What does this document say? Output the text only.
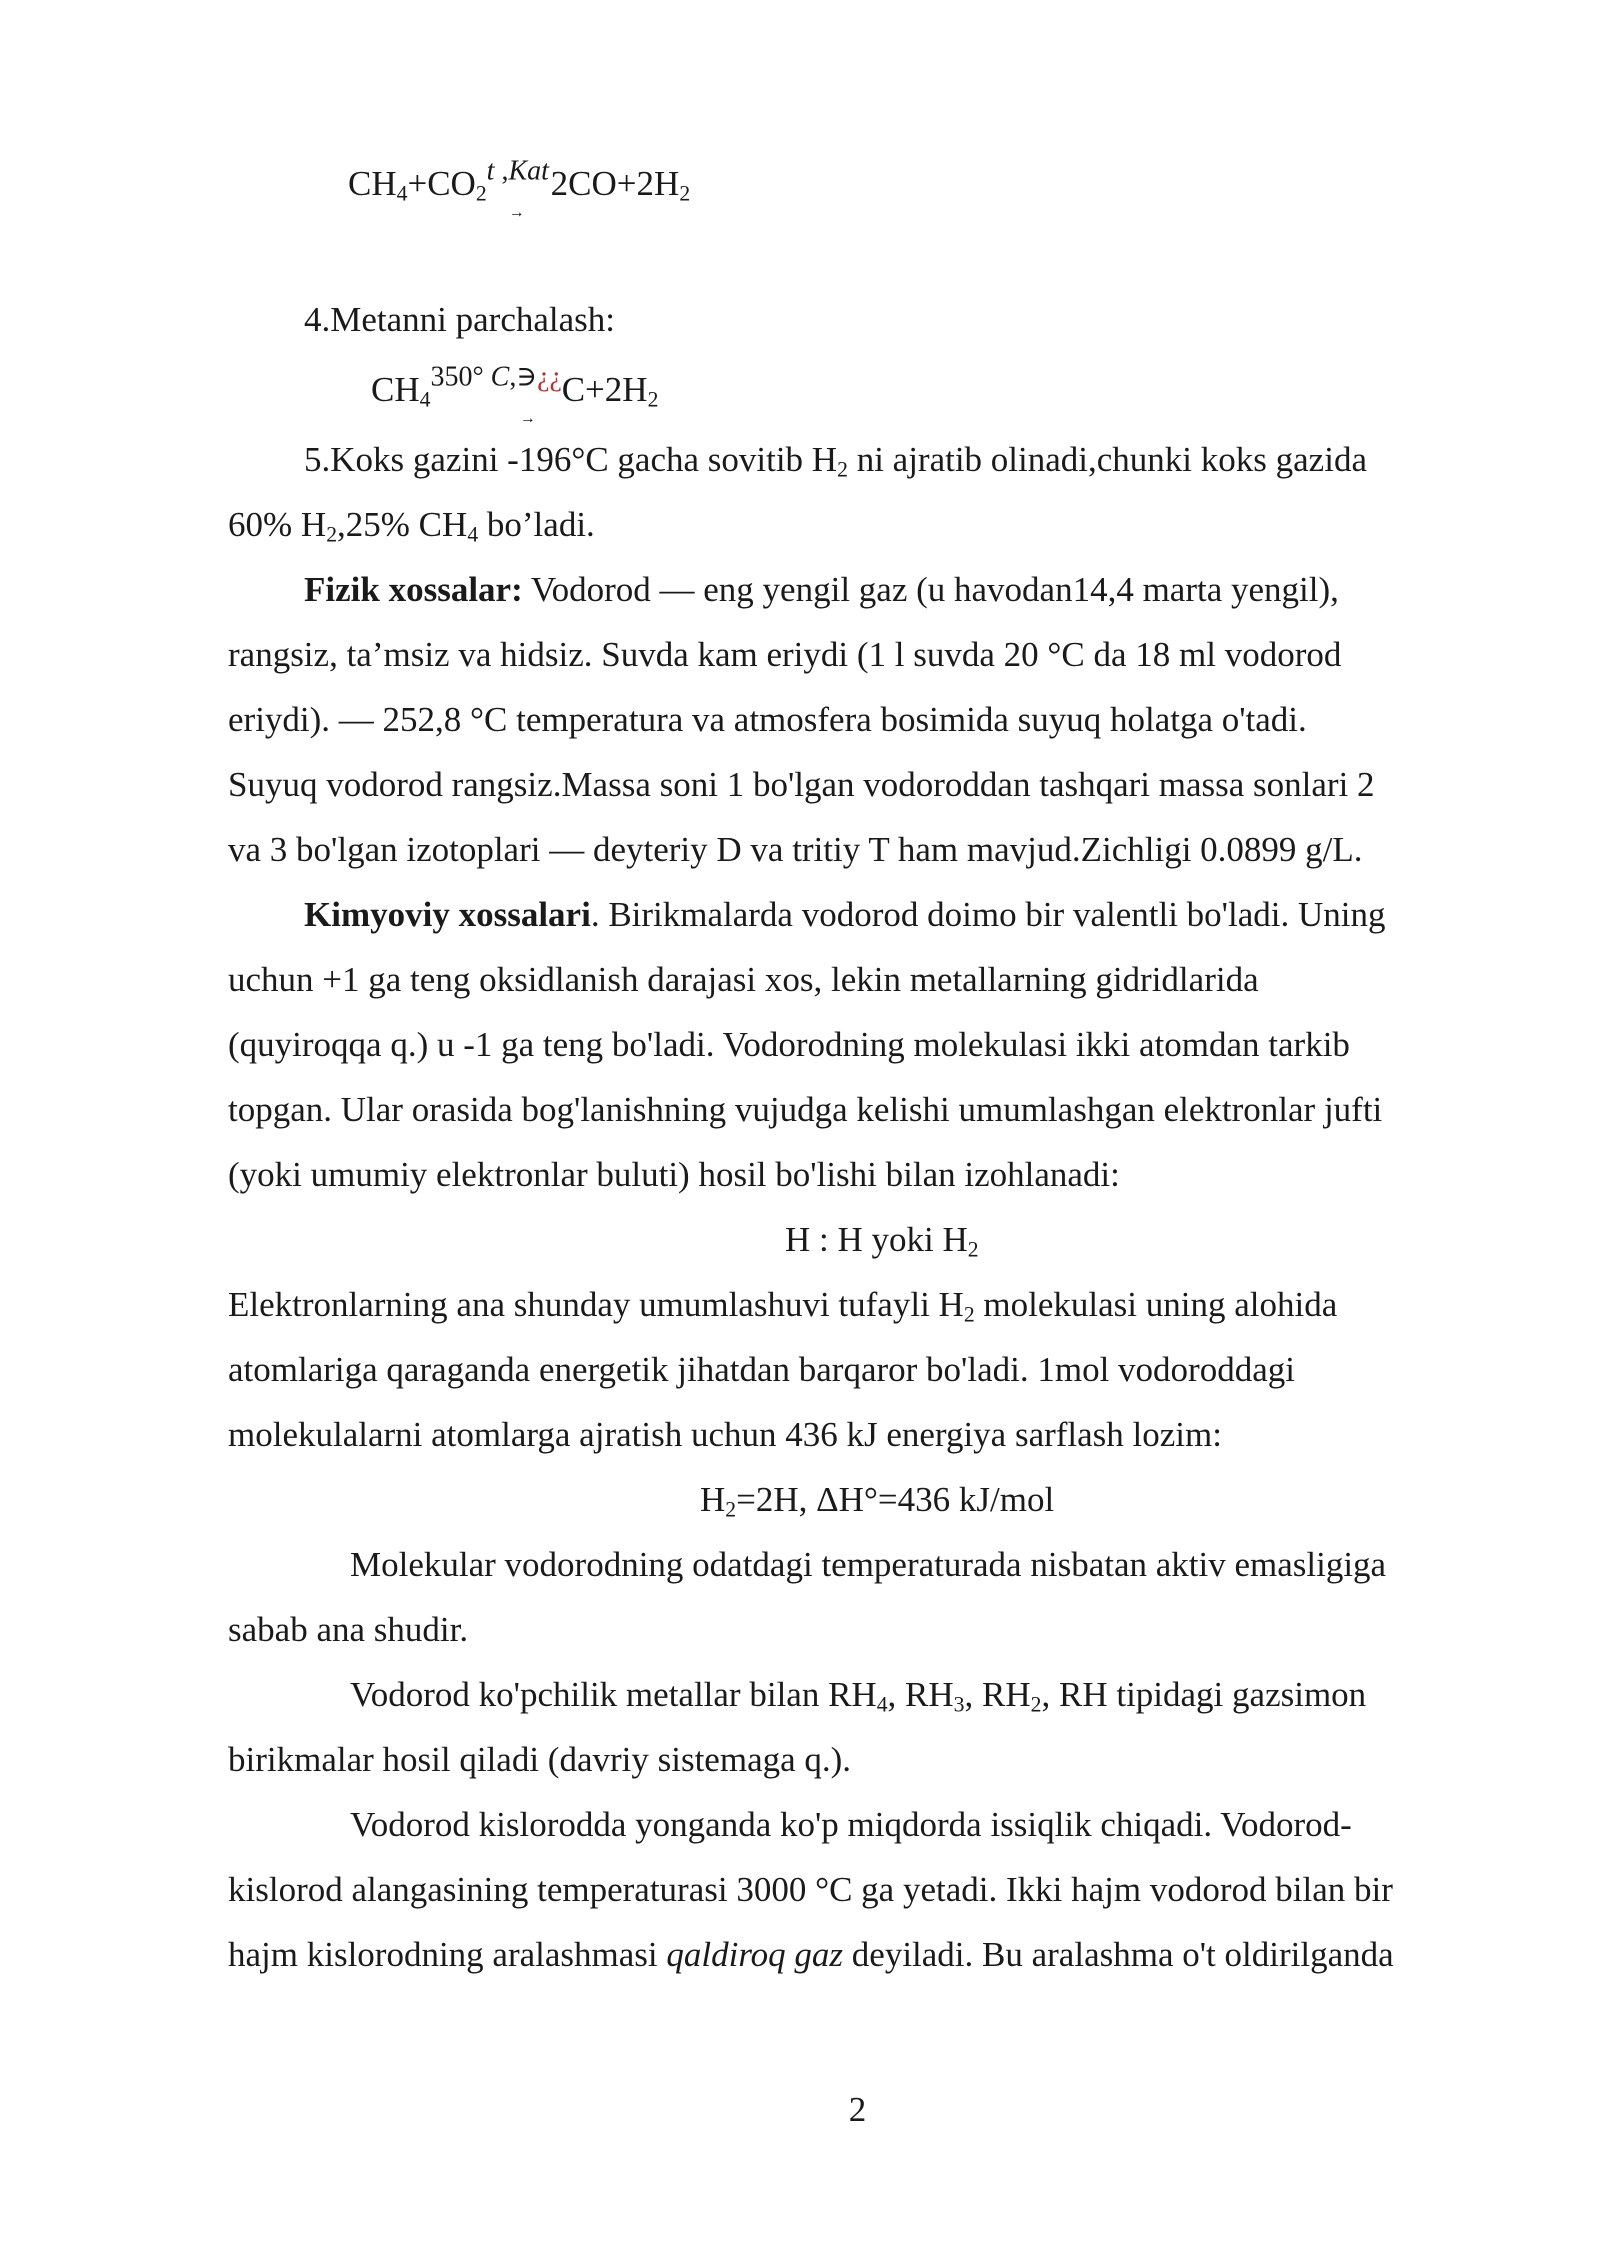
$CH_4+CO_2^{t ,Kat}\to 2CO+2H_2$
4.Metanni parchalash:
$CH_4^{350^\circ C,∋¿¿}\to C+2H_2$
5.Koks gazini -196°C gacha sovitib $H_2$ ni ajratib olinadi,chunki koks gazida
60% $H_2,25\%$ $CH_4$ bo’ladi.
Fizik xossalar: Vodorod — eng yengil gaz (u havodan14,4 marta yengil),
rangsiz, ta’msiz va hidsiz. Suvda kam eriydi (1 l suvda 20 °C da 18 ml vodorod
eriydi). — 252,8 °C temperatura va atmosfera bosimida suyuq holatga o'tadi.
Suyuq vodorod rangsiz.Massa soni 1 bo'lgan vodoroddan tashqari massa sonlari 2
va 3 bo'lgan izotoplari — deyteriy D va tritiy T ham mavjud.Zichligi 0.0899 g/L.
Kimyoviy xossalari. Birikmalarda vodorod doimo bir valentli bo'ladi. Uning
uchun +1 ga teng oksidlanish darajasi xos, lekin metallarning gidridlarida
(quyiroqqa q.) u -1 ga teng bo'ladi. Vodorodning molekulasi ikki atomdan tarkib
topgan. Ular orasida bog'lanishning vujudga kelishi umumlashgan elektronlar jufti
(yoki umumiy elektronlar buluti) hosil bo'lishi bilan izohlanadi:
H : H yoki $H_2$
Elektronlarning ana shunday umumlashuvi tufayli $H_2$ molekulasi uning alohida
atomlariga qaraganda energetik jihatdan barqaror bo'ladi. 1mol vodoroddagi
molekulalarni atomlarga ajratish uchun 436 kJ energiya sarflash lozim:
$H_2=2H$, ΔH°=436 kJ/mol
Molekular vodorodning odatdagi temperaturada nisbatan aktiv emasligiga
sabab ana shudir.
Vodorod ko'pchilik metallar bilan $RH_4$, $RH_3$, $RH_2$, RH tipidagi gazsimon
birikmalar hosil qiladi (davriy sistemaga q.).
Vodorod kislorodda yonganda ko'p miqdorda issiqlik chiqadi. Vodorod-
kislorod alangasining temperaturasi 3000 °C ga yetadi. Ikki hajm vodorod bilan bir
hajm kislorodning aralashmasi qaldiroq gaz deyiladi. Bu aralashma o't oldirilganda
2
